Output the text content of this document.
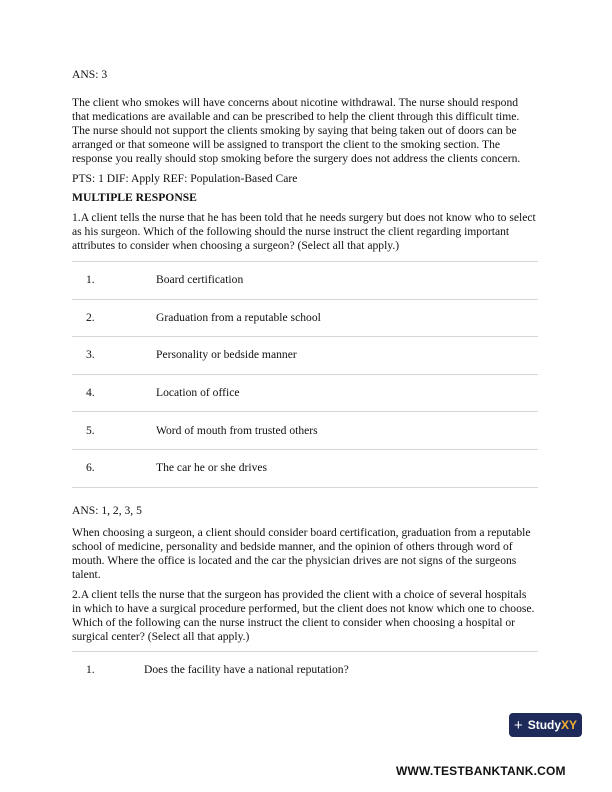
ANS: 3

The client who smokes will have concerns about nicotine withdrawal. The nurse should respond that medications are available and can be prescribed to help the client through this difficult time. The nurse should not support the clients smoking by saying that being taken out of doors can be arranged or that someone will be assigned to transport the client to the smoking section. The response you really should stop smoking before the surgery does not address the clients concern.

PTS: 1 DIF: Apply REF: Population-Based Care

MULTIPLE RESPONSE

1.A client tells the nurse that he has been told that he needs surgery but does not know who to select as his surgeon. Which of the following should the nurse instruct the client regarding important attributes to consider when choosing a surgeon? (Select all that apply.)

1.	Board certification
2.	Graduation from a reputable school
3.	Personality or bedside manner
4.	Location of office
5.	Word of mouth from trusted others
6.	The car he or she drives

ANS: 1, 2, 3, 5

When choosing a surgeon, a client should consider board certification, graduation from a reputable school of medicine, personality and bedside manner, and the opinion of others through word of mouth. Where the office is located and the car the physician drives are not signs of the surgeons talent.

2.A client tells the nurse that the surgeon has provided the client with a choice of several hospitals in which to have a surgical procedure performed, but the client does not know which one to choose. Which of the following can the nurse instruct the client to consider when choosing a hospital or surgical center? (Select all that apply.)

1.	Does the facility have a national reputation?
+ Study XY
WWW.TESTBANKTANK.COM
